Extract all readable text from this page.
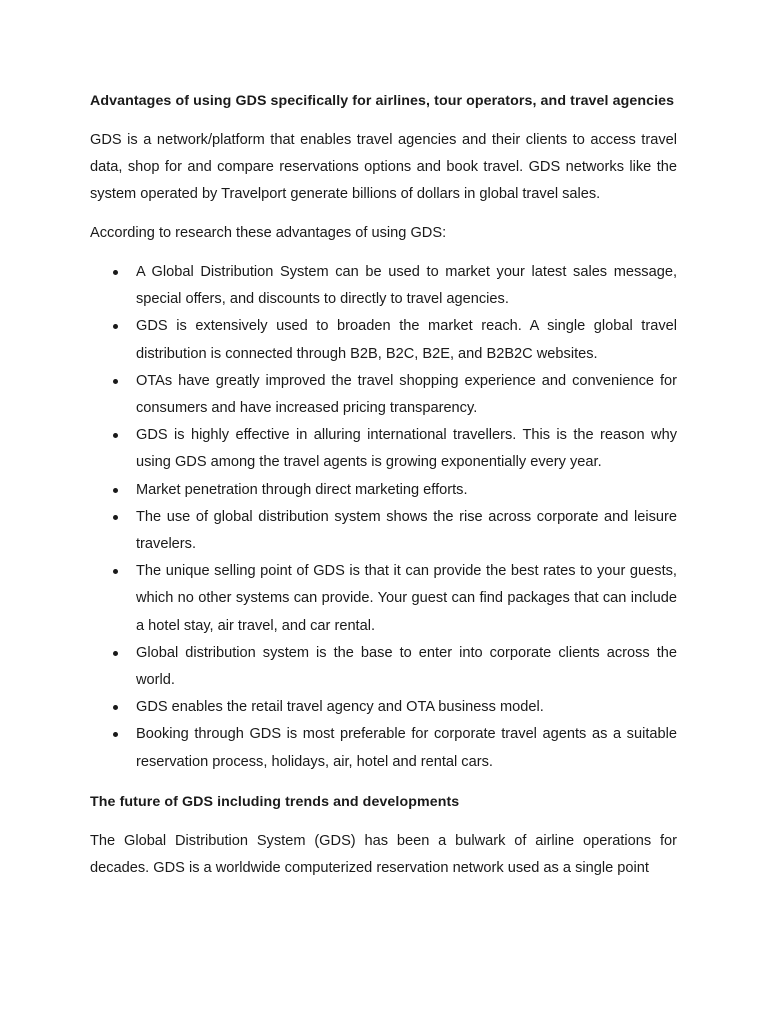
Advantages of using GDS specifically for airlines, tour operators, and travel agencies

GDS is a network/platform that enables travel agencies and their clients to access travel data, shop for and compare reservations options and book travel. GDS networks like the system operated by Travelport generate billions of dollars in global travel sales.

According to research these advantages of using GDS:

A Global Distribution System can be used to market your latest sales message, special offers, and discounts to directly to travel agencies.
GDS is extensively used to broaden the market reach. A single global travel distribution is connected through B2B, B2C, B2E, and B2B2C websites.
OTAs have greatly improved the travel shopping experience and convenience for consumers and have increased pricing transparency.
GDS is highly effective in alluring international travellers. This is the reason why using GDS among the travel agents is growing exponentially every year.
Market penetration through direct marketing efforts.
The use of global distribution system shows the rise across corporate and leisure travelers.
The unique selling point of GDS is that it can provide the best rates to your guests, which no other systems can provide. Your guest can find packages that can include a hotel stay, air travel, and car rental.
Global distribution system is the base to enter into corporate clients across the world.
GDS enables the retail travel agency and OTA business model.
Booking through GDS is most preferable for corporate travel agents as a suitable reservation process, holidays, air, hotel and rental cars.
The future of GDS including trends and developments

The Global Distribution System (GDS) has been a bulwark of airline operations for decades. GDS is a worldwide computerized reservation network used as a single point
